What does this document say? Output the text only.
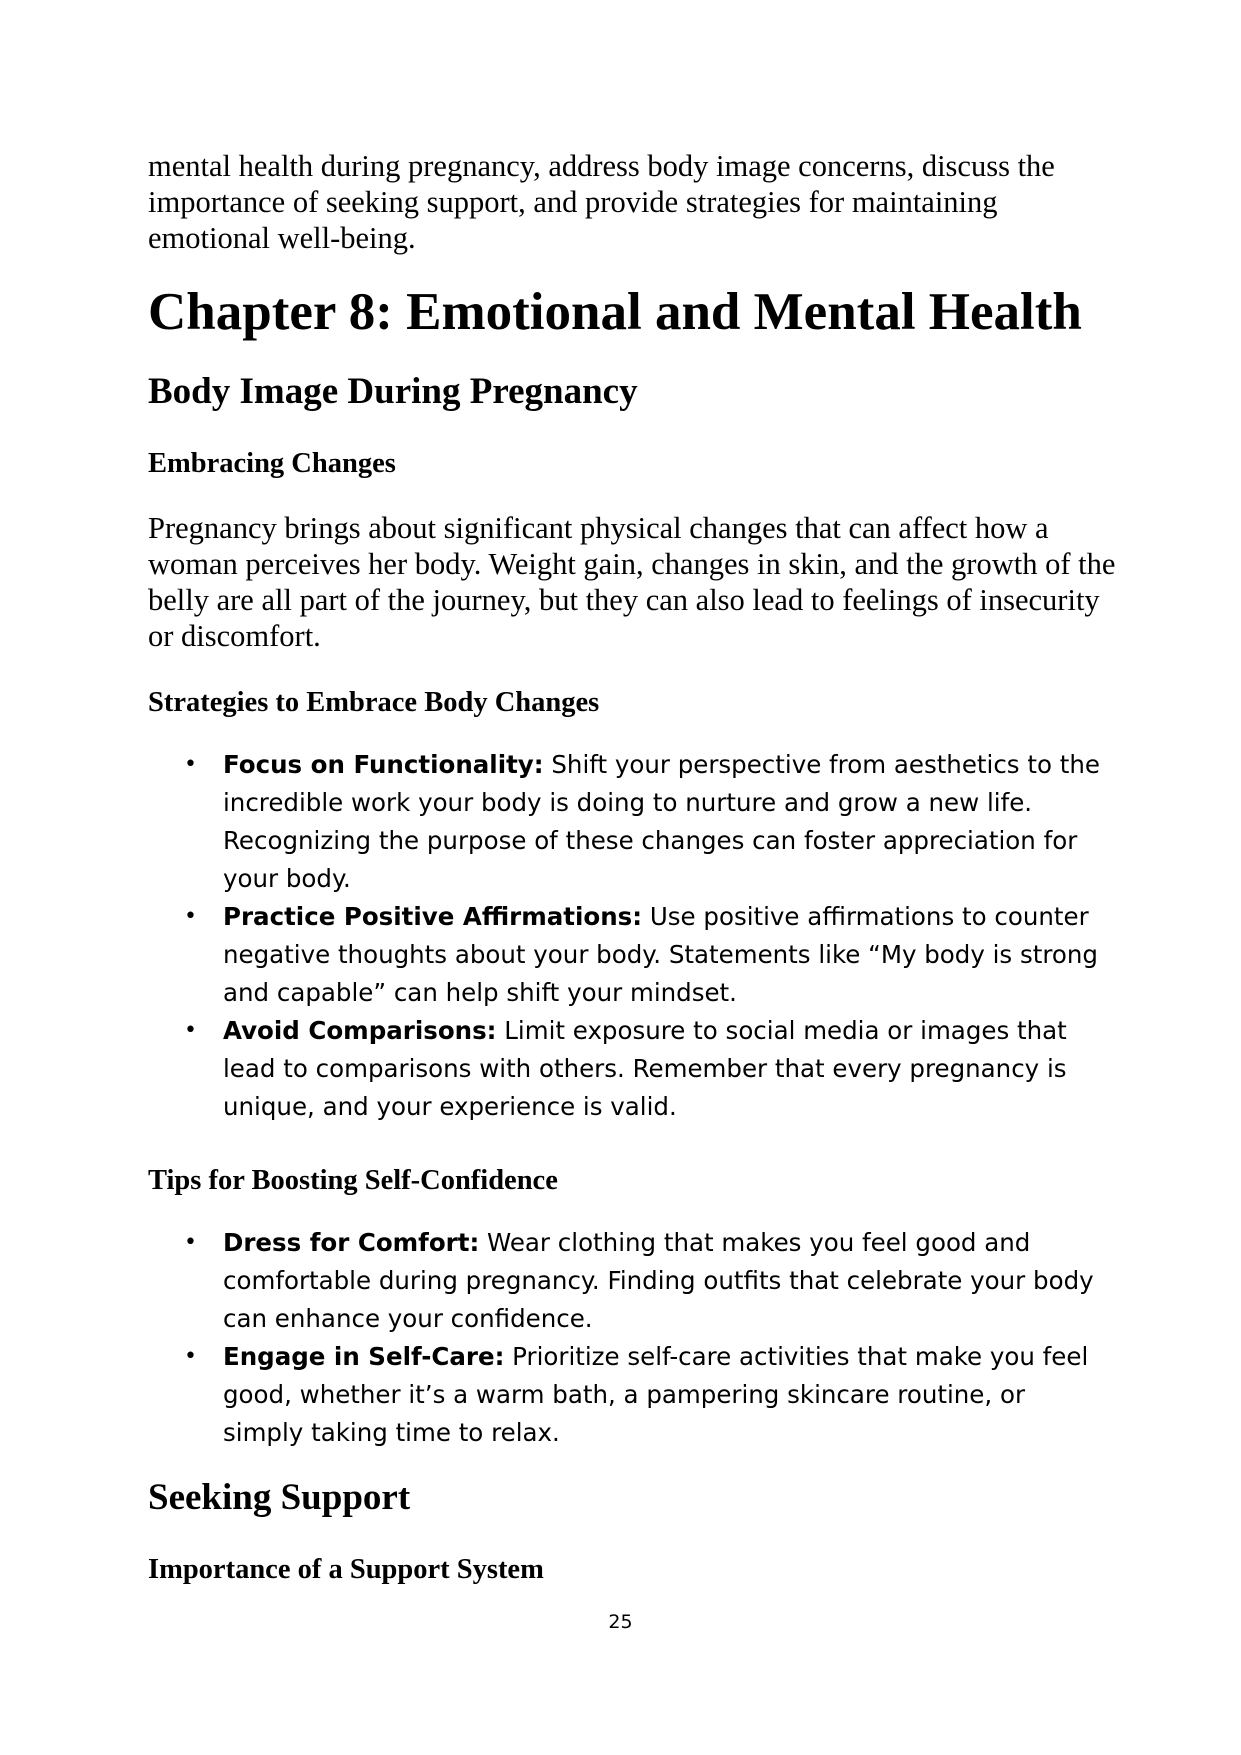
mental health during pregnancy, address body image concerns, discuss the importance of seeking support, and provide strategies for maintaining emotional well-being.

Chapter 8: Emotional and Mental Health
Body Image During Pregnancy
Embracing Changes

Pregnancy brings about significant physical changes that can affect how a woman perceives her body. Weight gain, changes in skin, and the growth of the belly are all part of the journey, but they can also lead to feelings of insecurity or discomfort.

Strategies to Embrace Body Changes
• Focus on Functionality: Shift your perspective from aesthetics to the incredible work your body is doing to nurture and grow a new life. Recognizing the purpose of these changes can foster appreciation for your body.
• Practice Positive Affirmations: Use positive affirmations to counter negative thoughts about your body. Statements like “My body is strong and capable” can help shift your mindset.
• Avoid Comparisons: Limit exposure to social media or images that lead to comparisons with others. Remember that every pregnancy is unique, and your experience is valid.
Tips for Boosting Self-Confidence
• Dress for Comfort: Wear clothing that makes you feel good and comfortable during pregnancy. Finding outfits that celebrate your body can enhance your confidence.
• Engage in Self-Care: Prioritize self-care activities that make you feel good, whether it’s a warm bath, a pampering skincare routine, or simply taking time to relax.
Seeking Support
Importance of a Support System
25
